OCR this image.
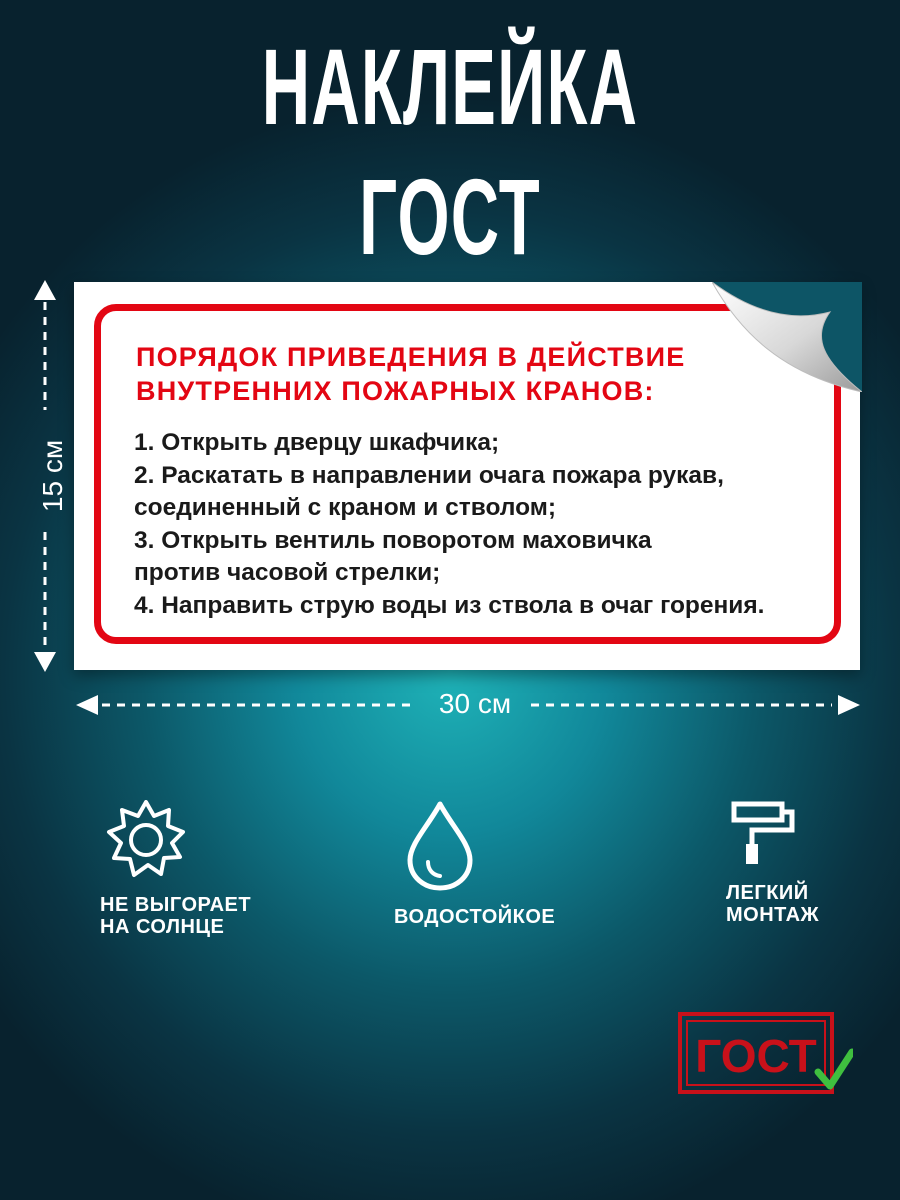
НАКЛЕЙКА ГОСТ
ПОРЯДОК ПРИВЕДЕНИЯ В ДЕЙСТВИЕ
ВНУТРЕННИХ ПОЖАРНЫХ КРАНОВ:
1. Открыть дверцу шкафчика;
2. Раскатать в направлении очага пожара рукав,
соединенный с краном и стволом;
3. Открыть вентиль поворотом маховичка
против часовой стрелки;
4. Направить струю воды из ствола в очаг горения.
15 см
30 см
НЕ ВЫГОРАЕТ
НА СОЛНЦЕ	ВОДОСТОЙКОЕ
ЛЕГКИЙ
МОНТАЖ
ГОСТ
